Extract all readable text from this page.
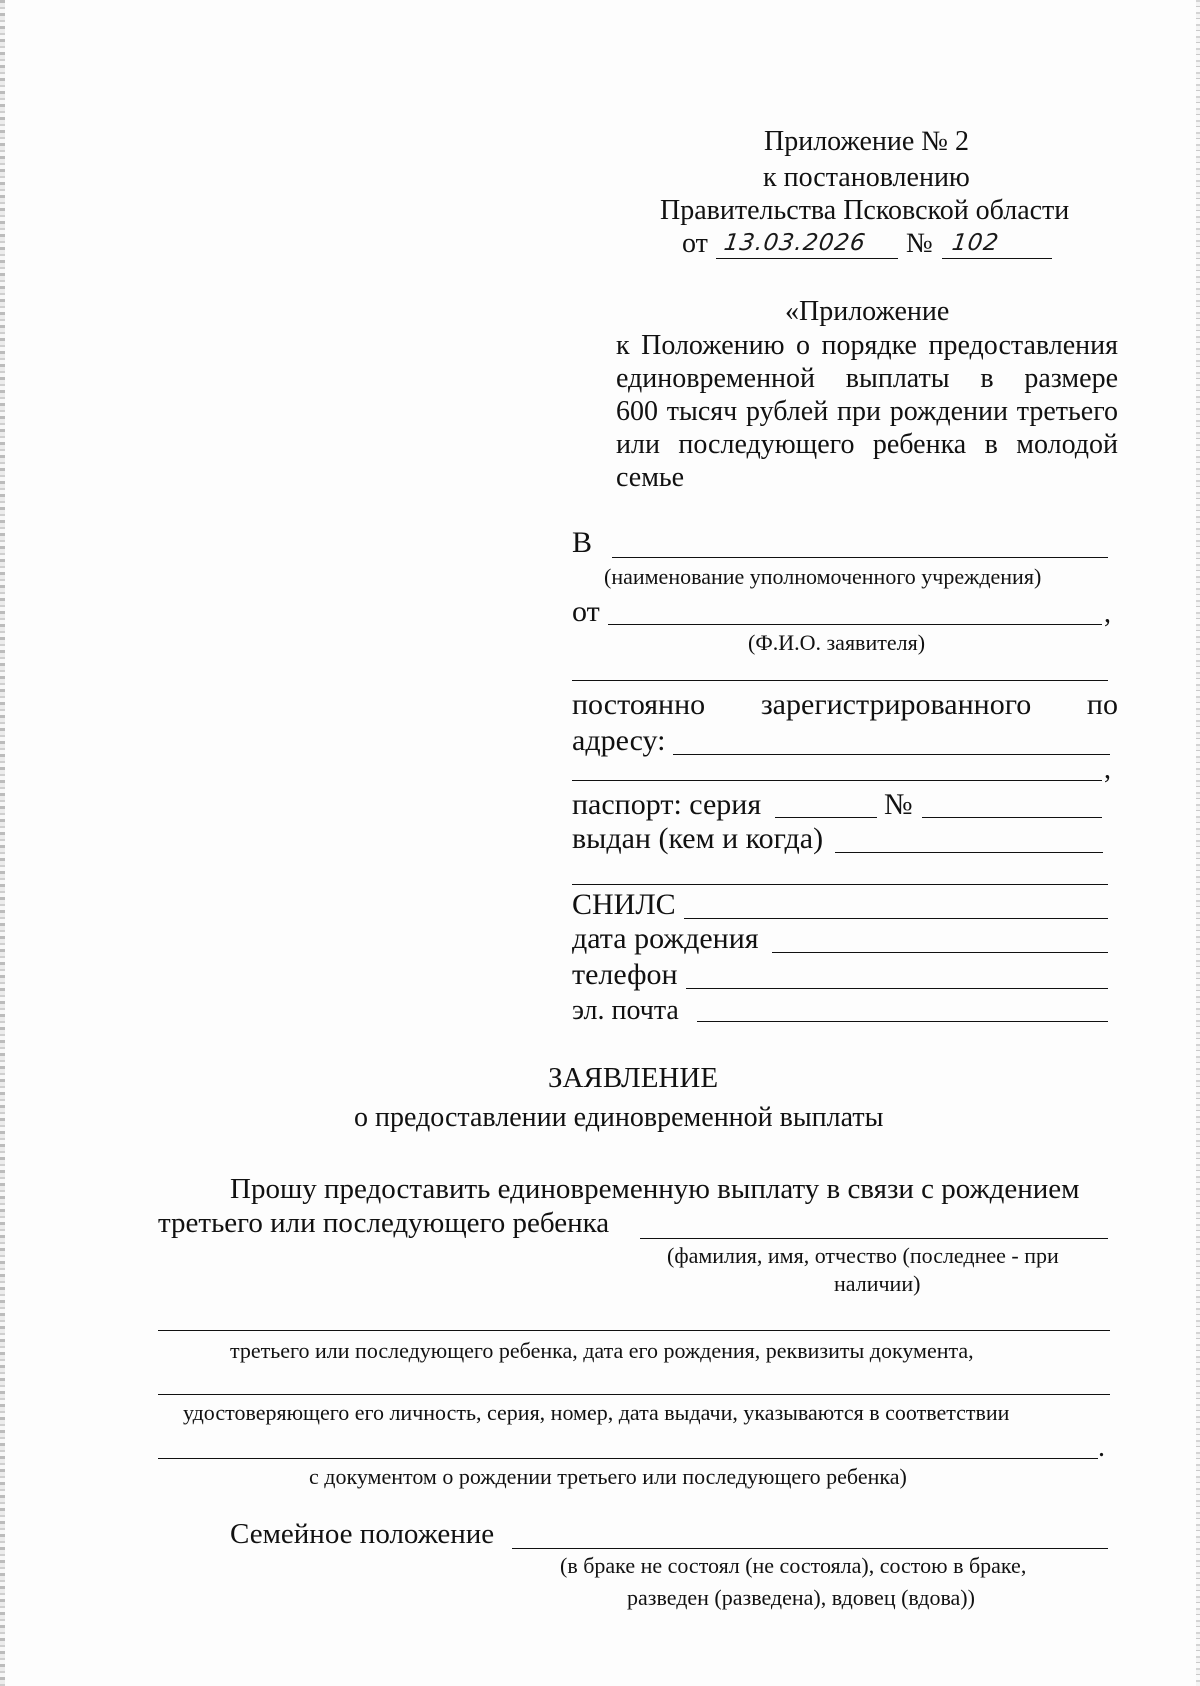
Приложение № 2
к постановлению
Правительства Псковской области
от 13.03.2026 № 102
«Приложение
к Положению о порядке предоставления
единовременной выплаты в размере
600 тысяч рублей при рождении третьего
или последующего ребенка в молодой
семье
В
(наименование уполномоченного учреждения)
от	,
(Ф.И.О. заявителя)
постоянно зарегистрированного по
адресу:
,
паспорт: серия	№
выдан (кем и когда)
СНИЛС
дата рождения
телефон
эл. почта
ЗАЯВЛЕНИЕ
о предоставлении единовременной выплаты
Прошу предоставить единовременную выплату в связи с рождением
третьего или последующего ребенка
(фамилия, имя, отчество (последнее - при
наличии)
третьего или последующего ребенка, дата его рождения, реквизиты документа,
удостоверяющего его личность, серия, номер, дата выдачи, указываются в соответствии
.
с документом о рождении третьего или последующего ребенка)
Семейное положение
(в браке не состоял (не состояла), состою в браке,
разведен (разведена), вдовец (вдова))
